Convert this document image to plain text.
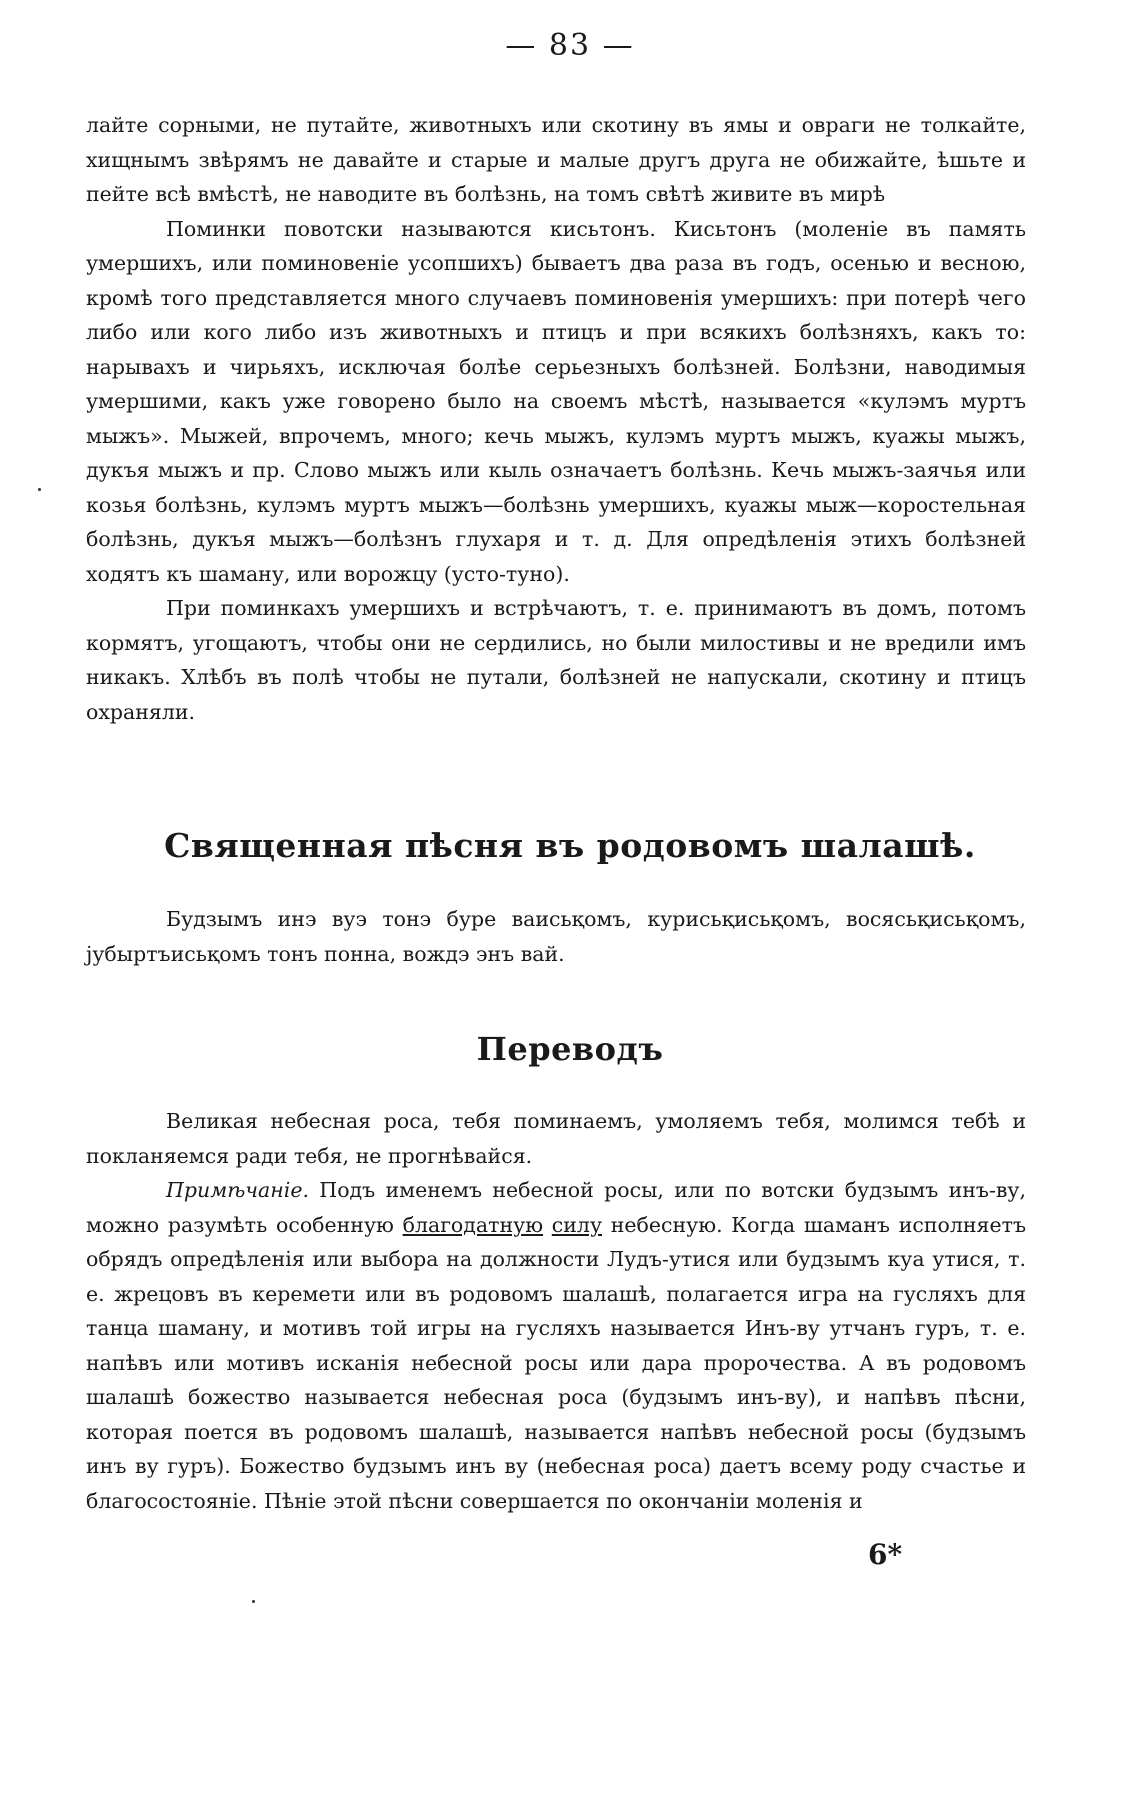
— 83 —

лайте сорными, не путайте, животныхъ или скотину въ ямы и овраги не толкайте, хищнымъ звѣрямъ не давайте и старые и малые другъ друга не обижайте, ѣшьте и пейте всѣ вмѣстѣ, не наводите въ болѣзнь, на томъ свѣтѣ живите въ мирѣ

Поминки повотски называются кисьтонъ. Кисьтонъ (моленіе въ память умершихъ, или поминовеніе усопшихъ) бываетъ два раза въ годъ, осенью и весною, кромѣ того представляется много случаевъ поминовенія умершихъ: при потерѣ чего либо или кого либо изъ животныхъ и птицъ и при всякихъ болѣзняхъ, какъ то: нарывахъ и чирьяхъ, исключая болѣе серьезныхъ болѣзней. Болѣзни, наводимыя умершими, какъ уже говорено было на своемъ мѣстѣ, называется «кулэмъ муртъ мыжъ». Мыжей, впрочемъ, много; кечь мыжъ, кулэмъ муртъ мыжъ, куажы мыжъ, дукъя мыжъ и пр. Слово мыжъ или кыль означаетъ болѣзнь. Кечь мыжъ-заячья или козья болѣзнь, кулэмъ муртъ мыжъ—болѣзнь умершихъ, куажы мыж—коростельная болѣзнь, дукъя мыжъ—болѣзнъ глухаря и т. д. Для опредѣленія этихъ болѣзней ходятъ къ шаману, или ворожцу (усто-туно).

При поминкахъ умершихъ и встрѣчаютъ, т. е. принимаютъ въ домъ, потомъ кормятъ, угощаютъ, чтобы они не сердились, но были милостивы и не вредили имъ никакъ. Хлѣбъ въ полѣ чтобы не путали, болѣзней не напускали, скотину и птицъ охраняли.

Священная пѣсня въ родовомъ шалашѣ.

Будзымъ инэ вуэ тонэ буре ваисьқомъ, курисьқисьқомъ, восясьқисьқомъ, ϳубыртъисьқомъ тонъ понна, вождэ энъ вай.

Переводъ

Великая небесная роса, тебя поминаемъ, умоляемъ тебя, молимся тебѣ и покланяемся ради тебя, не прогнѣвайся.

Примѣчаніе. Подъ именемъ небесной росы, или по вотски будзымъ инъ-ву, можно разумѣть особенную благодатную силу небесную. Когда шаманъ исполняетъ обрядъ опредѣленія или выбора на должности Лудъ-утися или будзымъ куа утися, т. е. жрецовъ въ керемети или въ родовомъ шалашѣ, полагается игра на гусляхъ для танца шаману, и мотивъ той игры на гусляхъ называется Инъ-ву утчанъ гуръ, т. е. напѣвъ или мотивъ исканія небесной росы или дара пророчества. А въ родовомъ шалашѣ божество называется небесная роса (будзымъ инъ-ву), и напѣвъ пѣсни, которая поется въ родовомъ шалашѣ, называется напѣвъ небесной росы (будзымъ инъ ву гуръ). Божество будзымъ инъ ву (небесная роса) даетъ всему роду счастье и благосостояніе. Пѣніе этой пѣсни совершается по окончаніи моленія и

6*
